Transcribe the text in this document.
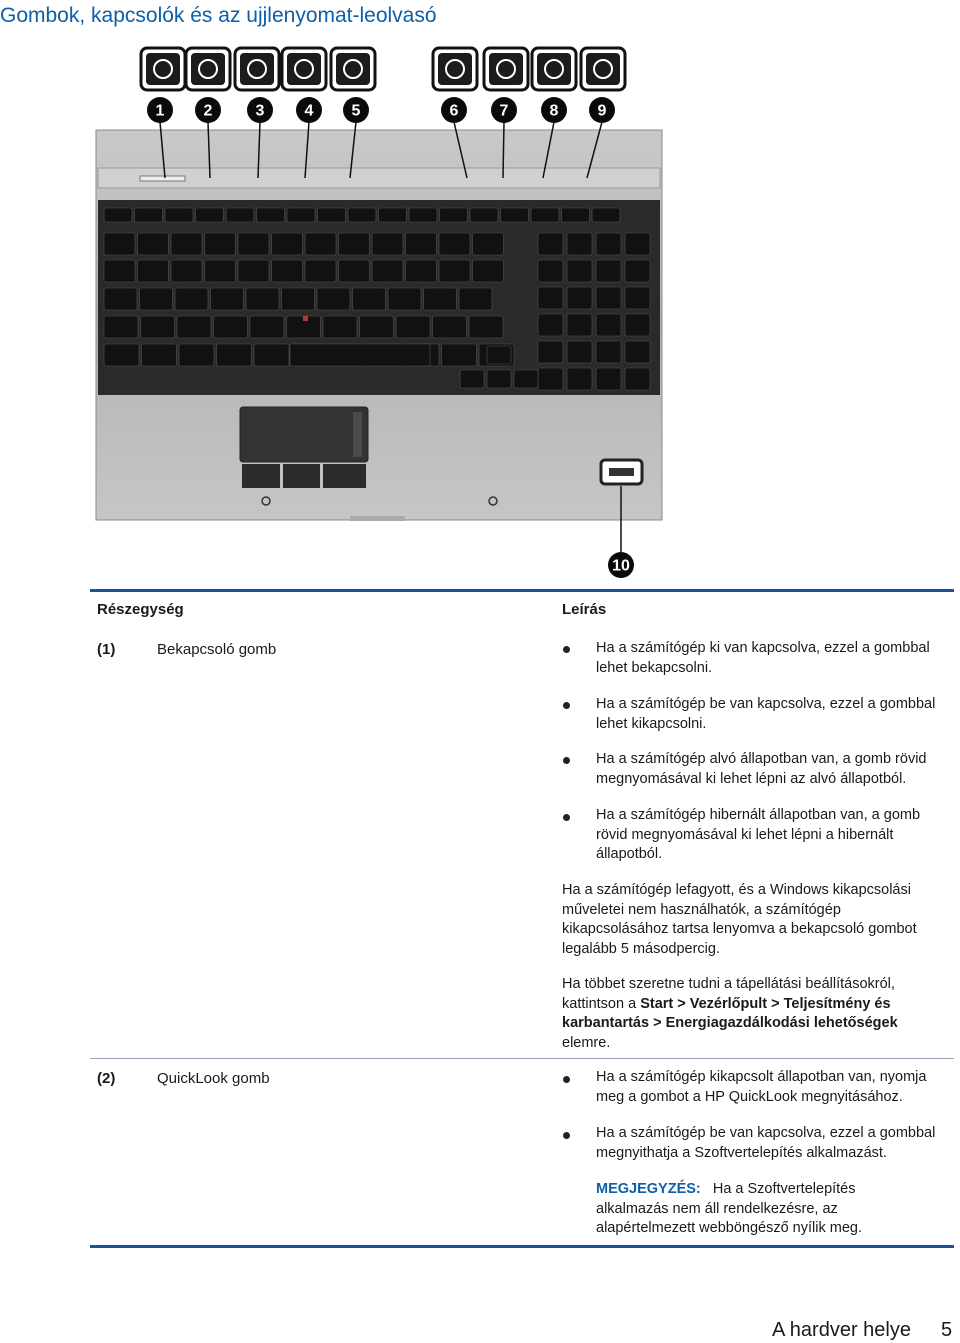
Gombok, kapcsolók és az ujjlenyomat-leolvasó
1 2	3	4 5	6	7	8 9
10
Részegység	Leírás
(1)	Bekapcsoló gomb	Ha a számítógép ki van kapcsolva, ezzel a gombbal
lehet bekapcsolni.
Ha a számítógép be van kapcsolva, ezzel a gombbal
lehet kikapcsolni.
Ha a számítógép alvó állapotban van, a gomb rövid
megnyomásával ki lehet lépni az alvó állapotból.
Ha a számítógép hibernált állapotban van, a gomb
rövid megnyomásával ki lehet lépni a hibernált
állapotból.
Ha a számítógép lefagyott, és a Windows kikapcsolási
műveletei nem használhatók, a számítógép
kikapcsolásához tartsa lenyomva a bekapcsoló gombot
legalább 5 másodpercig.
Ha többet szeretne tudni a tápellátási beállításokról,
kattintson a Start > Vezérlőpult > Teljesítmény és
karbantartás > Energiagazdálkodási lehetőségek
elemre.
(2)	QuickLook gomb	Ha a számítógép kikapcsolt állapotban van, nyomja
meg a gombot a HP QuickLook megnyitásához.
Ha a számítógép be van kapcsolva, ezzel a gombbal
megnyithatja a Szoftvertelepítés alkalmazást.
MEGJEGYZÉS: Ha a Szoftvertelepítés
alkalmazás nem áll rendelkezésre, az
alapértelmezett webböngésző nyílik meg.
A hardver helye 5
